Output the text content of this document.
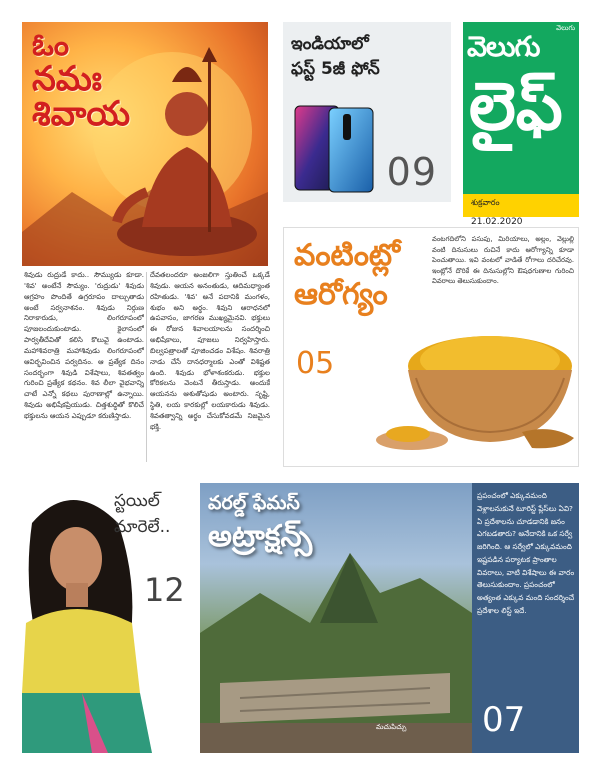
ఓం
నమః
శివాయ
శివుడు రుద్రుడే కాదు.. సౌమ్యుడు కూడా. 'శివ' అంటేనే సౌమ్యం. 'రుద్రుడు' శివుడు ఆగ్రహం పొందితే ఉగ్రరూపం దాల్చుతాడు అంటే సర్వనాశనం. శివుడు నిర్గుణ నిరాకారుడు, లింగరూపంలో పూజలందుకుంటాడు. కైలాసంలో పార్వతీదేవితో కలిసి కొలువై ఉంటాడు. మహాశివరాత్రి మహాశివుడు లింగరూపంలో ఆవిర్భవించిన పర్వదినం. ఆ ప్రత్యేక దినం సందర్భంగా శివుడి విశేషాలు, శివతత్వం గురించి ప్రత్యేక కథనం. శివ లీలా వైభవాన్ని చాటే ఎన్నో కథలు పురాణాల్లో ఉన్నాయి. శివుడు అభిషేకప్రియుడు. చిత్తశుద్ధితో కొలిచే భక్తులను ఆయన ఎప్పుడూ కరుణిస్తాడు.
దేవతలందరూ అంజలిగా స్తుతించే ఒక్కడే శివుడు. ఆయన అనంతుడు, ఆదిమధ్యాంత రహితుడు. 'శివ' అనే పదానికి మంగళం, శుభం అని అర్థం. శివుని ఆరాధనలో ఉపవాసం, జాగరణ ముఖ్యమైనవి. భక్తులు ఈ రోజున శివాలయాలను సందర్శించి అభిషేకాలు, పూజలు నిర్వహిస్తారు. బిల్వపత్రాలతో పూజించడం విశేషం. శివరాత్రి నాడు చేసే దానధర్మాలకు ఎంతో విశిష్టత ఉంది. శివుడు భోళాశంకరుడు. భక్తుల కోరికలను వెంటనే తీరుస్తాడు. అందుకే ఆయనను ఆశుతోషుడు అంటారు. సృష్టి, స్థితి, లయ కారకుల్లో లయకారుడు శివుడు. శివతత్వాన్ని అర్థం చేసుకోవడమే నిజమైన భక్తి.
ఇండియాలో
ఫస్ట్ 5జీ ఫోన్
09
వెలుగు
వెలుగు
లైఫ్
శుక్రవారం
21.02.2020
వంటింట్లో
ఆరోగ్యం
05
వంటగదిలోని పసుపు, మిరియాలు, అల్లం, వెల్లుల్లి వంటి దినుసులు రుచినే కాదు ఆరోగ్యాన్ని కూడా పెంచుతాయి. ఇవి వంటలో వాడితే రోగాలు దరిచేరవు. ఇంట్లోనే దొరికే ఈ దినుసుల్లోని ఔషధగుణాల గురించి వివరాలు తెలుసుకుందాం.
స్టయిల్
మారెలే..
12
వరల్డ్ ఫేమస్
అట్రాక్షన్స్
మచుపిచ్చు
ప్రపంచంలో ఎక్కువమంది వెళ్లాలనుకునే టూరిస్ట్ ప్లేస్‌లు ఏవి? ఏ ప్రదేశాలను చూడడానికి జనం ఎగబడతారు? అనేదానికి ఒక సర్వే జరిగింది. ఆ సర్వేలో ఎక్కువమంది ఇష్టపడిన పర్యాటక ప్రాంతాల వివరాలు, వాటి విశేషాలు ఈ వారం తెలుసుకుందాం. ప్రపంచంలో అత్యంత ఎక్కువ మంది సందర్శించే ప్రదేశాల లిస్ట్ ఇదే.
07
